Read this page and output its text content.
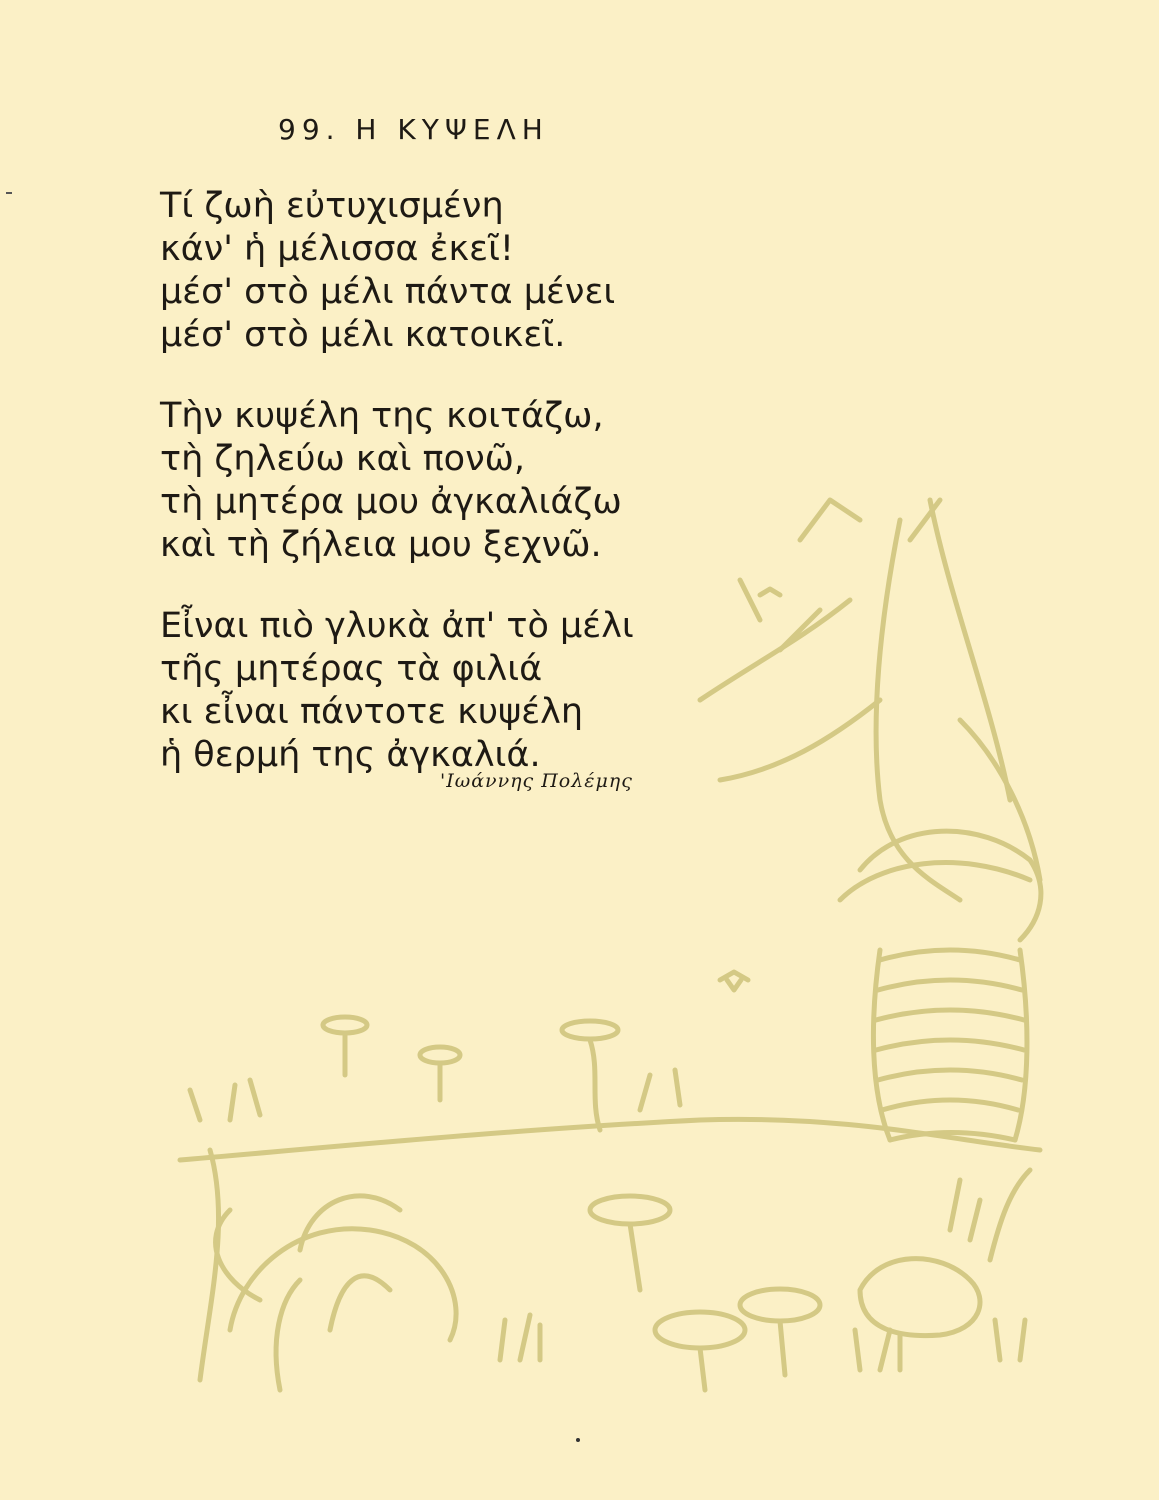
99. Η ΚΥΨΕΛΗ
Τί ζωὴ εὐτυχισμένη
κάν' ἡ μέλισσα ἐκεῖ!
μέσ' στὸ μέλι πάντα μένει
μέσ' στὸ μέλι κατοικεῖ.
Τὴν κυψέλη της κοιτάζω,
τὴ ζηλεύω καὶ πονῶ,
τὴ μητέρα μου ἀγκαλιάζω
καὶ τὴ ζήλεια μου ξεχνῶ.
Εἶναι πιὸ γλυκὰ ἀπ' τὸ μέλι
τῆς μητέρας τὰ φιλιά
κι εἶναι πάντοτε κυψέλη
ἡ θερμή της ἀγκαλιά.
'Ιωάννης Πολέμης
